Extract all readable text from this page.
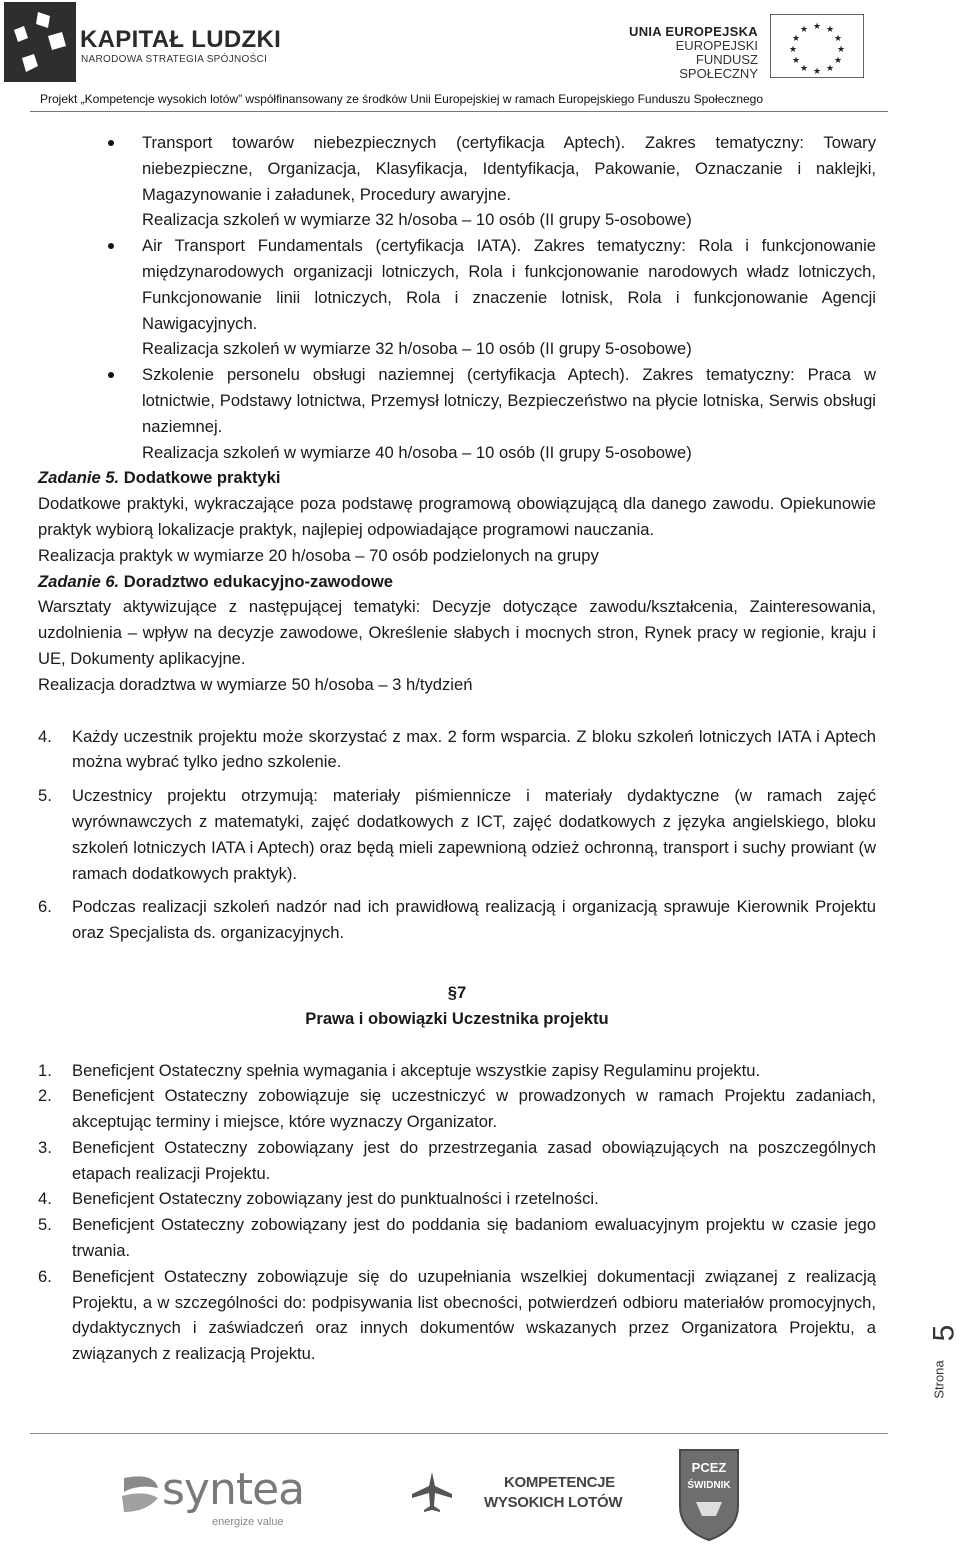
KAPITAŁ LUDZKI
NARODOWA STRATEGIA SPÓJNOŚCI
UNIA EUROPEJSKA
EUROPEJSKI
FUNDUSZ SPOŁECZNY
★ ★
★
★
★
★
★
★
★
★
★
★
Projekt „Kompetencje wysokich lotów” współfinansowany ze środków Unii Europejskiej w ramach Europejskiego Funduszu Społecznego

Transport towarów niebezpiecznych (certyfikacja Aptech). Zakres tematyczny: Towary niebezpieczne, Organizacja, Klasyfikacja, Identyfikacja, Pakowanie, Oznaczanie i naklejki, Magazynowanie i załadunek, Procedury awaryjne.

Realizacja szkoleń w wymiarze 32 h/osoba – 10 osób (II grupy 5-osobowe)

Air Transport Fundamentals (certyfikacja IATA). Zakres tematyczny: Rola i funkcjonowanie międzynarodowych organizacji lotniczych, Rola i funkcjonowanie narodowych władz lotniczych, Funkcjonowanie linii lotniczych, Rola i znaczenie lotnisk, Rola i funkcjonowanie Agencji Nawigacyjnych.

Realizacja szkoleń w wymiarze 32 h/osoba – 10 osób (II grupy 5-osobowe)

Szkolenie personelu obsługi naziemnej (certyfikacja Aptech). Zakres tematyczny: Praca w lotnictwie, Podstawy lotnictwa, Przemysł lotniczy, Bezpieczeństwo na płycie lotniska, Serwis obsługi naziemnej.

Realizacja szkoleń w wymiarze 40 h/osoba – 10 osób (II grupy 5-osobowe)

Zadanie 5. Dodatkowe praktyki

Dodatkowe praktyki, wykraczające poza podstawę programową obowiązującą dla danego zawodu. Opiekunowie praktyk wybiorą lokalizacje praktyk, najlepiej odpowiadające programowi nauczania.

Realizacja praktyk w wymiarze 20 h/osoba – 70 osób podzielonych na grupy

Zadanie 6. Doradztwo edukacyjno-zawodowe

Warsztaty aktywizujące z następującej tematyki: Decyzje dotyczące zawodu/kształcenia, Zainteresowania, uzdolnienia – wpływ na decyzje zawodowe, Określenie słabych i mocnych stron, Rynek pracy w regionie, kraju i UE, Dokumenty aplikacyjne.

Realizacja doradztwa w wymiarze 50 h/osoba – 3 h/tydzień

4. Każdy uczestnik projektu może skorzystać z max. 2 form wsparcia. Z bloku szkoleń lotniczych IATA i Aptech można wybrać tylko jedno szkolenie.

5. Uczestnicy projektu otrzymują: materiały piśmiennicze i materiały dydaktyczne (w ramach zajęć wyrównawczych z matematyki, zajęć dodatkowych z ICT, zajęć dodatkowych z języka angielskiego, bloku szkoleń lotniczych IATA i Aptech) oraz będą mieli zapewnioną odzież ochronną, transport i suchy prowiant (w ramach dodatkowych praktyk).

6. Podczas realizacji szkoleń nadzór nad ich prawidłową realizacją i organizacją sprawuje Kierownik Projektu oraz Specjalista ds. organizacyjnych.

§7

Prawa i obowiązki Uczestnika projektu

1. Beneficjent Ostateczny spełnia wymagania i akceptuje wszystkie zapisy Regulaminu projektu.

2. Beneficjent Ostateczny zobowiązuje się uczestniczyć w prowadzonych w ramach Projektu zadaniach, akceptując terminy i miejsce, które wyznaczy Organizator.

3. Beneficjent Ostateczny zobowiązany jest do przestrzegania zasad obowiązujących na poszczególnych etapach realizacji Projektu.

4. Beneficjent Ostateczny zobowiązany jest do punktualności i rzetelności.

5. Beneficjent Ostateczny zobowiązany jest do poddania się badaniom ewaluacyjnym projektu w czasie jego trwania.

6. Beneficjent Ostateczny zobowiązuje się do uzupełniania wszelkiej dokumentacji związanej z realizacją Projektu, a w szczególności do: podpisywania list obecności, potwierdzeń odbioru materiałów promocyjnych, dydaktycznych i zaświadczeń oraz innych dokumentów wskazanych przez Organizatora Projektu, a związanych z realizacją Projektu.

Strona
5
syntea
energize value
KOMPETENCJE
WYSOKICH LOTÓW
PCEZ
ŚWIDNIK
